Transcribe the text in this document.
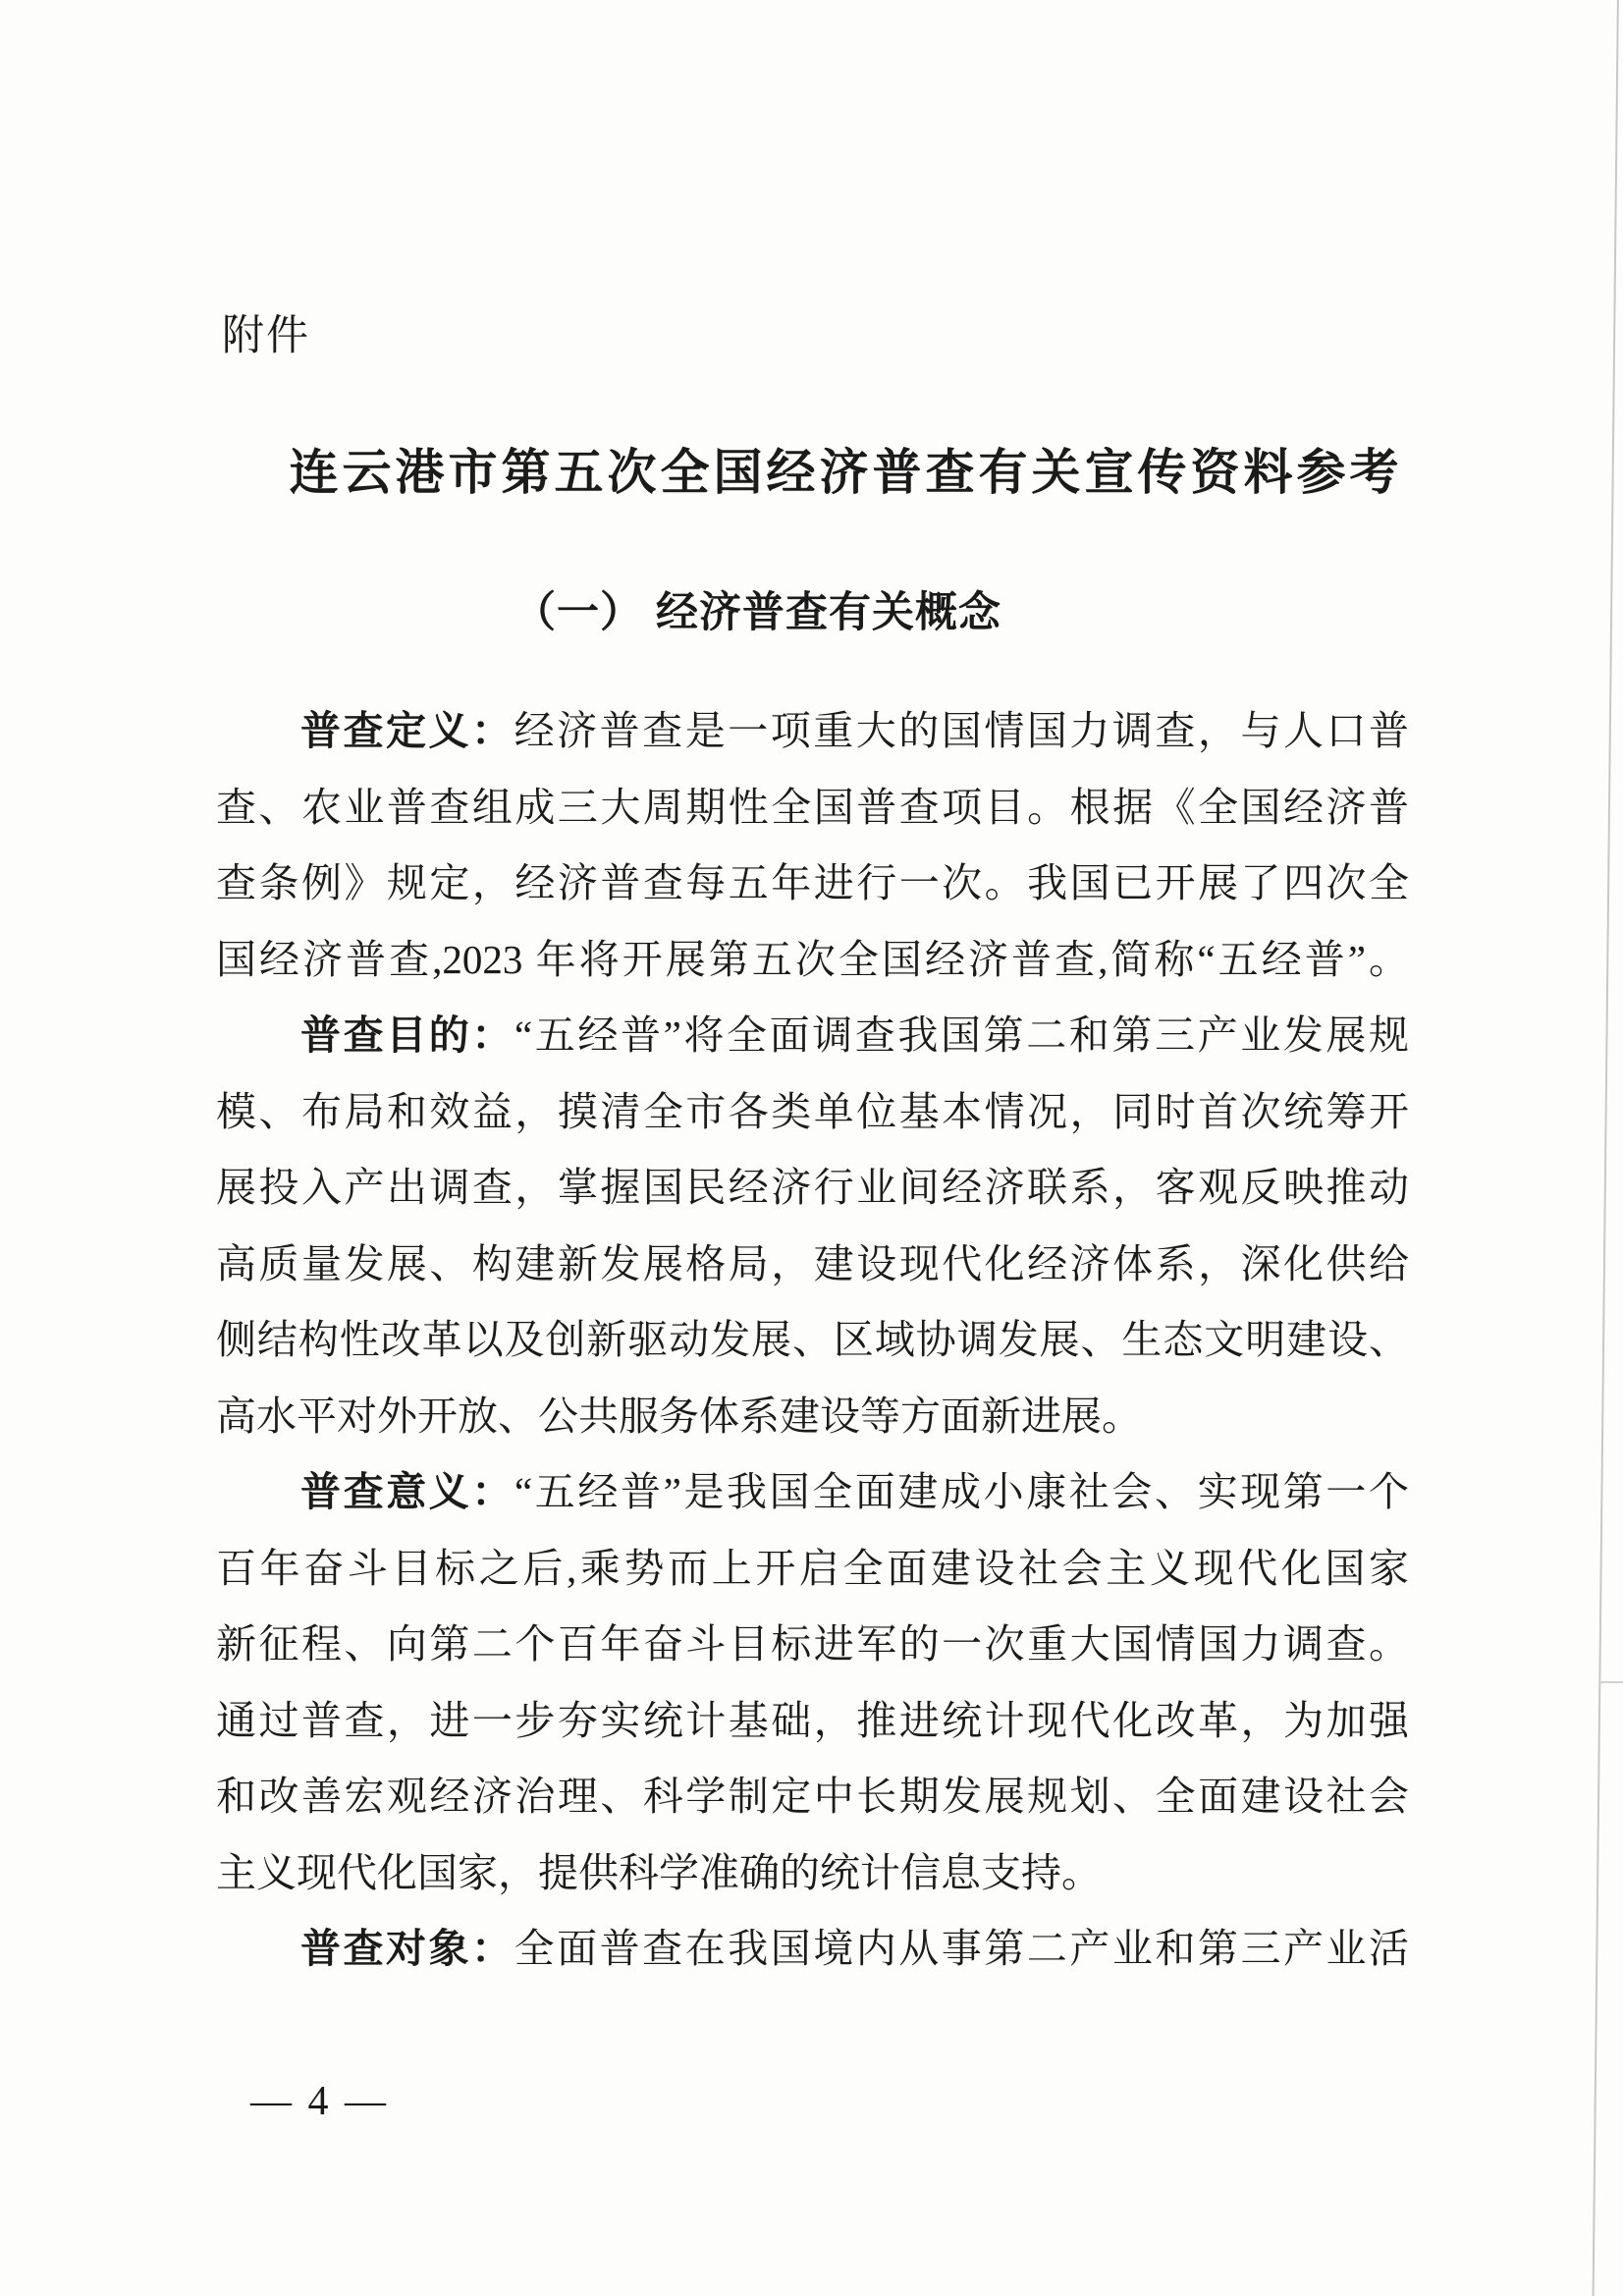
附件
连云港市第五次全国经济普查有关宣传资料参考
（一） 经济普查有关概念
普查定义：经济普查是一项重大的国情国力调查，与人口普
查、农业普查组成三大周期性全国普查项目。根据《全国经济普
查条例》规定，经济普查每五年进行一次。我国已开展了四次全
国经济普查,2023 年将开展第五次全国经济普查,简称“五经普”。
普查目的：“五经普”将全面调查我国第二和第三产业发展规
模、布局和效益，摸清全市各类单位基本情况，同时首次统筹开
展投入产出调查，掌握国民经济行业间经济联系，客观反映推动
高质量发展、构建新发展格局，建设现代化经济体系，深化供给
侧结构性改革以及创新驱动发展、区域协调发展、生态文明建设、
高水平对外开放、公共服务体系建设等方面新进展。
普查意义：“五经普”是我国全面建成小康社会、实现第一个
百年奋斗目标之后,乘势而上开启全面建设社会主义现代化国家
新征程、向第二个百年奋斗目标进军的一次重大国情国力调查。
通过普查，进一步夯实统计基础，推进统计现代化改革，为加强
和改善宏观经济治理、科学制定中长期发展规划、全面建设社会
主义现代化国家，提供科学准确的统计信息支持。
普查对象：全面普查在我国境内从事第二产业和第三产业活
— 4 —
